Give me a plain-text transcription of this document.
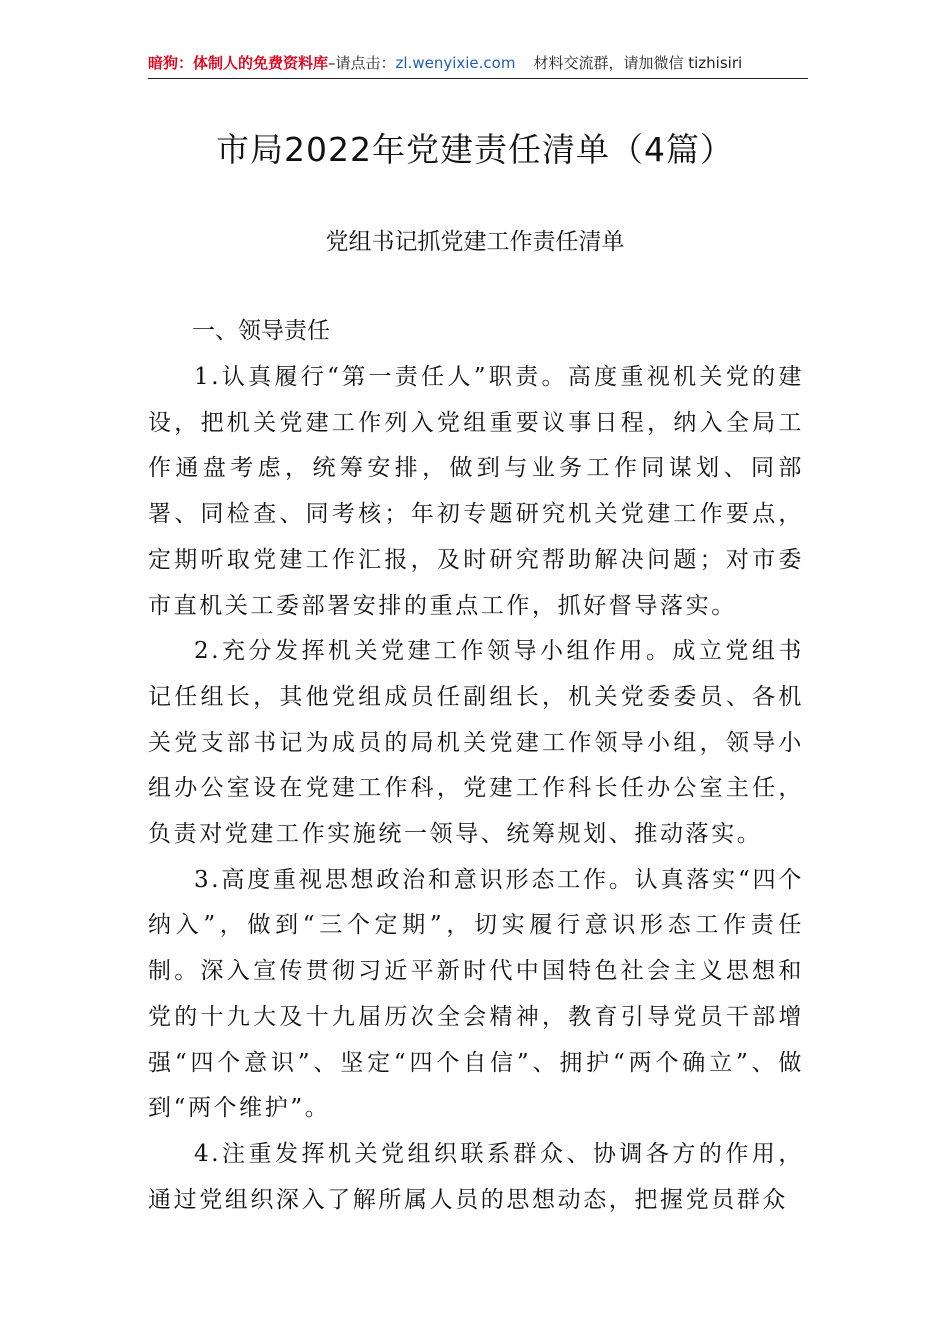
暗狗：体制人的免费资料库–请点击：zl.wenyixie.com 材料交流群，请加微信 tizhisiri
市局2022年党建责任清单（4篇）
党组书记抓党建工作责任清单
一、领导责任

1.认真履行“第一责任人”职责。高度重视机关党的建设，把机关党建工作列入党组重要议事日程，纳入全局工作通盘考虑，统筹安排，做到与业务工作同谋划、同部署、同检查、同考核；年初专题研究机关党建工作要点，定期听取党建工作汇报，及时研究帮助解决问题；对市委市直机关工委部署安排的重点工作，抓好督导落实。

2.充分发挥机关党建工作领导小组作用。成立党组书记任组长，其他党组成员任副组长，机关党委委员、各机关党支部书记为成员的局机关党建工作领导小组，领导小组办公室设在党建工作科，党建工作科长任办公室主任，负责对党建工作实施统一领导、统筹规划、推动落实。

3.高度重视思想政治和意识形态工作。认真落实“四个纳入”，做到“三个定期”，切实履行意识形态工作责任制。深入宣传贯彻习近平新时代中国特色社会主义思想和党的十九大及十九届历次全会精神，教育引导党员干部增强“四个意识”、坚定“四个自信”、拥护“两个确立”、做到“两个维护”。

4.注重发挥机关党组织联系群众、协调各方的作用，通过党组织深入了解所属人员的思想动态，把握党员群众
